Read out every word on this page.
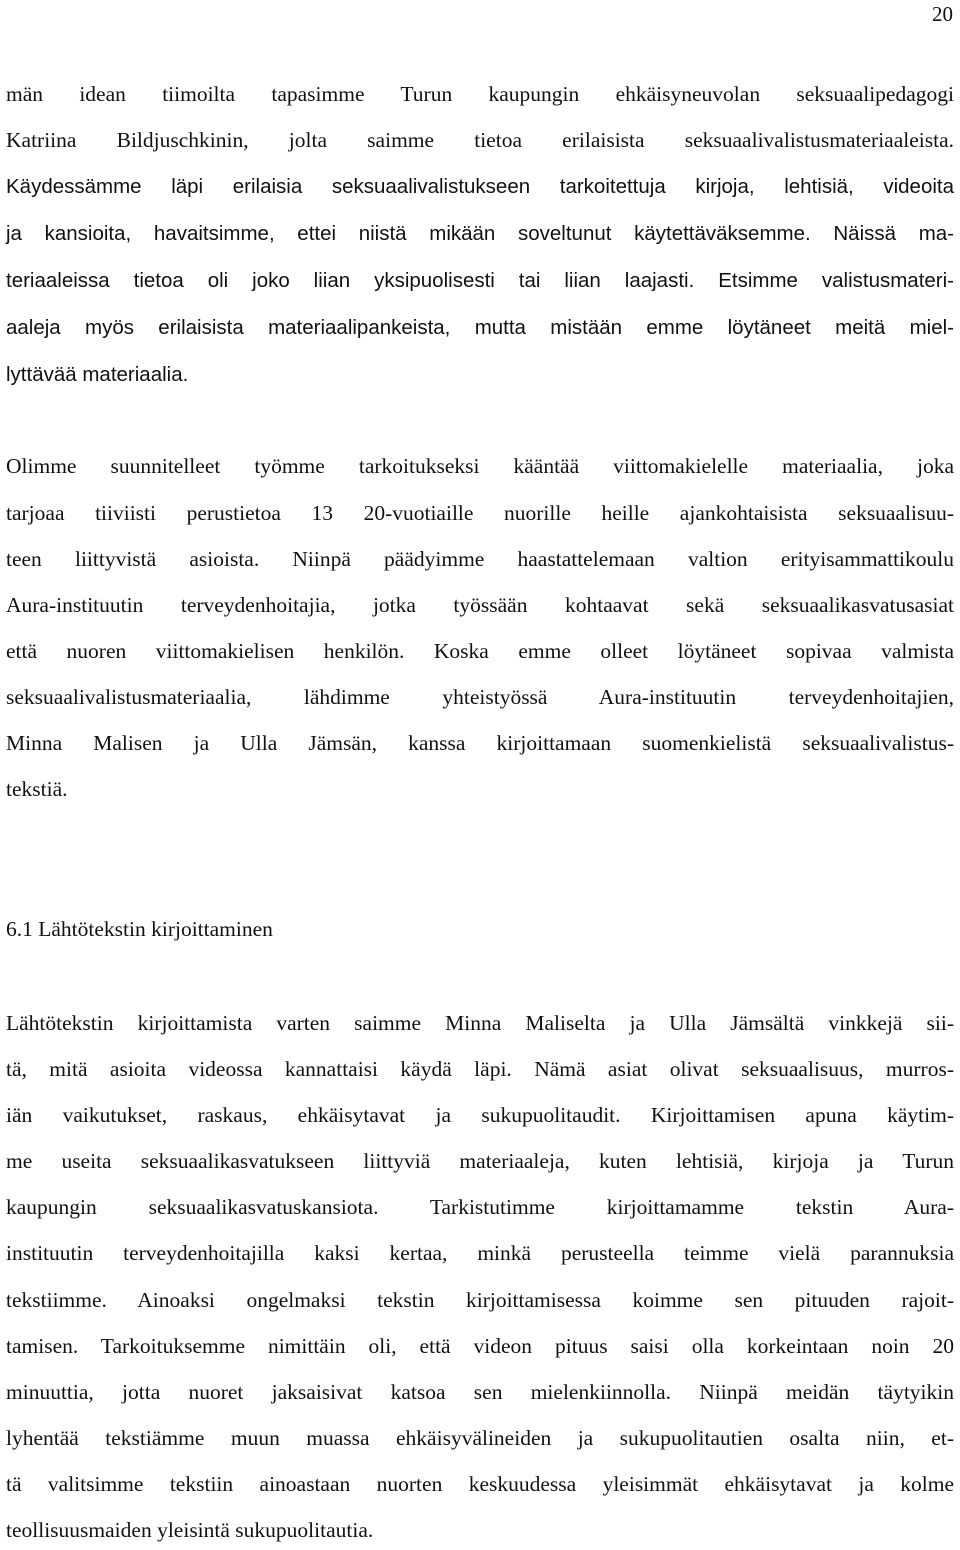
20
män idean tiimoilta tapasimme Turun kaupungin ehkäisyneuvolan seksuaalipedagogi
Katriina Bildjuschkinin, jolta saimme tietoa erilaisista seksuaalivalistusmateriaaleista.
Käydessämme läpi erilaisia seksuaalivalistukseen tarkoitettuja kirjoja, lehtisiä, videoita
ja kansioita, havaitsimme, ettei niistä mikään soveltunut käytettäväksemme. Näissä ma-
teriaaleissa tietoa oli joko liian yksipuolisesti tai liian laajasti. Etsimme valistusmateri-
aaleja myös erilaisista materiaalipankeista, mutta mistään emme löytäneet meitä miel-
lyttävää materiaalia.
Olimme suunnitelleet työmme tarkoitukseksi kääntää viittomakielelle materiaalia, joka
tarjoaa tiiviisti perustietoa 13 20-vuotiaille nuorille heille ajankohtaisista seksuaalisuu-
teen liittyvistä asioista. Niinpä päädyimme haastattelemaan valtion erityisammattikoulu
Aura-instituutin terveydenhoitajia, jotka työssään kohtaavat sekä seksuaalikasvatusasiat
että nuoren viittomakielisen henkilön. Koska emme olleet löytäneet sopivaa valmista
seksuaalivalistusmateriaalia, lähdimme yhteistyössä Aura-instituutin terveydenhoitajien,
Minna Malisen ja Ulla Jämsän, kanssa kirjoittamaan suomenkielistä seksuaalivalistus-
tekstiä.
6.1 Lähtötekstin kirjoittaminen
Lähtötekstin kirjoittamista varten saimme Minna Maliselta ja Ulla Jämsältä vinkkejä sii-
tä, mitä asioita videossa kannattaisi käydä läpi. Nämä asiat olivat seksuaalisuus, murros-
iän vaikutukset, raskaus, ehkäisytavat ja sukupuolitaudit. Kirjoittamisen apuna käytim-
me useita seksuaalikasvatukseen liittyviä materiaaleja, kuten lehtisiä, kirjoja ja Turun
kaupungin seksuaalikasvatuskansiota. Tarkistutimme kirjoittamamme tekstin Aura-
instituutin terveydenhoitajilla kaksi kertaa, minkä perusteella teimme vielä parannuksia
tekstiimme. Ainoaksi ongelmaksi tekstin kirjoittamisessa koimme sen pituuden rajoit-
tamisen. Tarkoituksemme nimittäin oli, että videon pituus saisi olla korkeintaan noin 20
minuuttia, jotta nuoret jaksaisivat katsoa sen mielenkiinnolla. Niinpä meidän täytyikin
lyhentää tekstiämme muun muassa ehkäisyvälineiden ja sukupuolitautien osalta niin, et-
tä valitsimme tekstiin ainoastaan nuorten keskuudessa yleisimmät ehkäisytavat ja kolme
teollisuusmaiden yleisintä sukupuolitautia.
